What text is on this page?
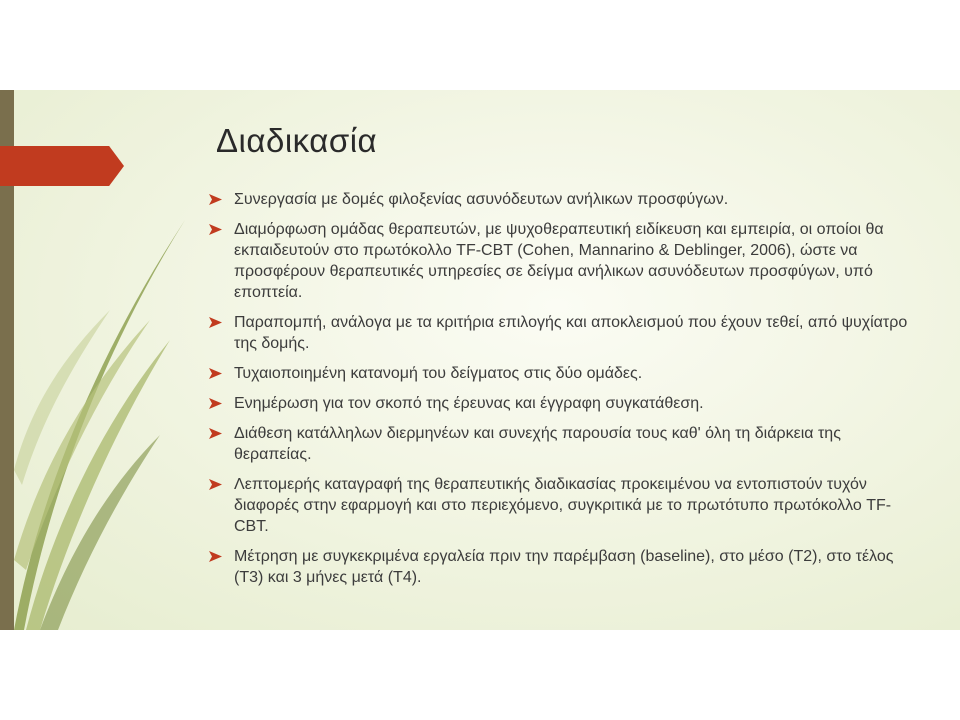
Διαδικασία
Συνεργασία με δομές φιλοξενίας ασυνόδευτων ανήλικων προσφύγων.
Διαμόρφωση ομάδας θεραπευτών, με ψυχοθεραπευτική ειδίκευση και εμπειρία, οι οποίοι θα εκπαιδευτούν στο πρωτόκολλο TF-CBT (Cohen, Mannarino & Deblinger, 2006), ώστε να προσφέρουν θεραπευτικές υπηρεσίες σε δείγμα ανήλικων ασυνόδευτων προσφύγων, υπό εποπτεία.
Παραπομπή, ανάλογα με τα κριτήρια επιλογής και αποκλεισμού που έχουν τεθεί, από ψυχίατρο της δομής.
Τυχαιοποιημένη κατανομή του δείγματος στις δύο ομάδες.
Ενημέρωση για τον σκοπό της έρευνας και έγγραφη συγκατάθεση.
Διάθεση κατάλληλων διερμηνέων και συνεχής παρουσία τους καθ' όλη τη διάρκεια της θεραπείας.
Λεπτομερής καταγραφή της θεραπευτικής διαδικασίας προκειμένου να εντοπιστούν τυχόν διαφορές στην εφαρμογή και στο περιεχόμενο, συγκριτικά με το πρωτότυπο πρωτόκολλο TF-CBT.
Μέτρηση με συγκεκριμένα εργαλεία πριν την παρέμβαση (baseline), στο μέσο (T2), στο τέλος (T3) και 3 μήνες μετά (T4).
